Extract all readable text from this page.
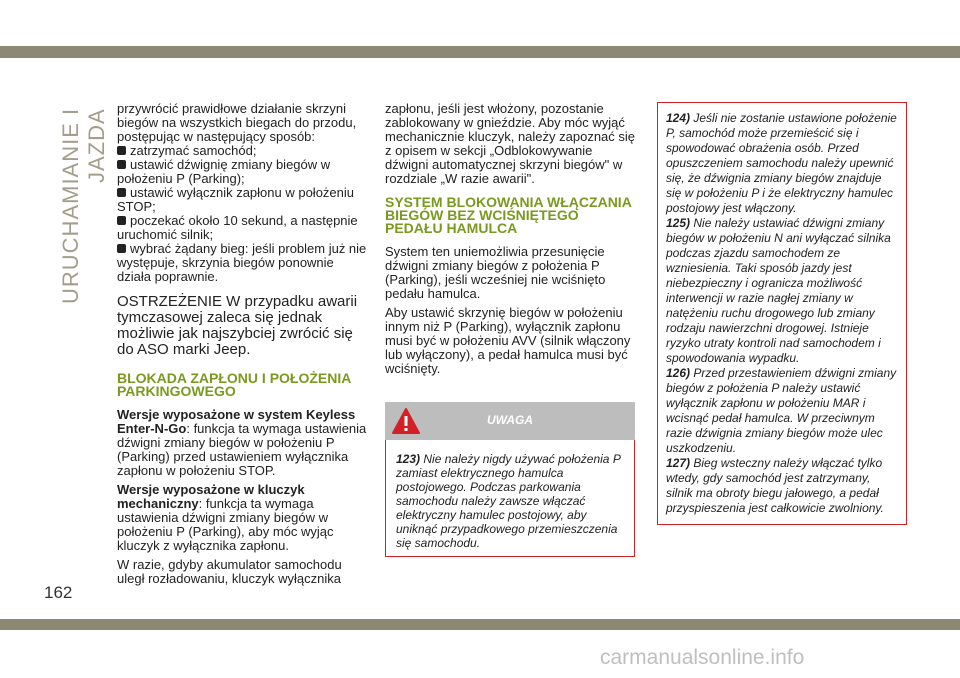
URUCHAMIANIE I JAZDA przywrócić prawidłowe działanie skrzyni biegów na wszystkich biegach do przodu, postępując w następujący sposób:

zatrzymać samochód;
ustawić dźwignię zmiany biegów w położeniu P (Parking);
ustawić wyłącznik zapłonu w położeniu STOP;
poczekać około 10 sekund, a następnie uruchomić silnik;
wybrać żądany bieg: jeśli problem już nie występuje, skrzynia biegów ponownie działa poprawnie.

OSTRZEŻENIE W przypadku awarii tymczasowej zaleca się jednak możliwie jak najszybciej zwrócić się do ASO marki Jeep.

BLOKADA ZAPŁONU I POŁOŻENIA PARKINGOWEGO

Wersje wyposażone w system Keyless Enter-N-Go: funkcja ta wymaga ustawienia dźwigni zmiany biegów w położeniu P (Parking) przed ustawieniem wyłącznika zapłonu w położeniu STOP.

Wersje wyposażone w kluczyk mechaniczny: funkcja ta wymaga ustawienia dźwigni zmiany biegów w położeniu P (Parking), aby móc wyjąc kluczyk z wyłącznika zapłonu.

W razie, gdyby akumulator samochodu uległ rozładowaniu, kluczyk wyłącznika

zapłonu, jeśli jest włożony, pozostanie zablokowany w gnieździe. Aby móc wyjąć mechanicznie kluczyk, należy zapoznać się z opisem w sekcji „Odblokowywanie dźwigni automatycznej skrzyni biegów" w rozdziale „W razie awarii".

SYSTEM BLOKOWANIA WŁĄCZANIA BIEGÓW BEZ WCIŚNIĘTEGO PEDAŁU HAMULCA

System ten uniemożliwia przesunięcie dźwigni zmiany biegów z położenia P (Parking), jeśli wcześniej nie wciśnięto pedału hamulca.

Aby ustawić skrzynię biegów w położeniu innym niż P (Parking), wyłącznik zapłonu musi być w położeniu AVV (silnik włączony lub wyłączony), a pedał hamulca musi być wciśnięty.

UWAGA
123) Nie należy nigdy używać położenia P zamiast elektrycznego hamulca postojowego. Podczas parkowania samochodu należy zawsze włączać elektryczny hamulec postojowy, aby uniknąć przypadkowego przemieszczenia się samochodu.

124) Jeśli nie zostanie ustawione położenie P, samochód może przemieścić się i spowodować obrażenia osób. Przed opuszczeniem samochodu należy upewnić się, że dźwignia zmiany biegów znajduje się w położeniu P i że elektryczny hamulec postojowy jest włączony.

125) Nie należy ustawiać dźwigni zmiany biegów w położeniu N ani wyłączać silnika podczas zjazdu samochodem ze wzniesienia. Taki sposób jazdy jest niebezpieczny i ogranicza możliwość interwencji w razie nagłej zmiany w natężeniu ruchu drogowego lub zmiany rodzaju nawierzchni drogowej. Istnieje ryzyko utraty kontroli nad samochodem i spowodowania wypadku.

126) Przed przestawieniem dźwigni zmiany biegów z położenia P należy ustawić wyłącznik zapłonu w położeniu MAR i wcisnąć pedał hamulca. W przeciwnym razie dźwignia zmiany biegów może ulec uszkodzeniu.

127) Bieg wsteczny należy włączać tylko wtedy, gdy samochód jest zatrzymany, silnik ma obroty biegu jałowego, a pedał przyspieszenia jest całkowicie zwolniony.

162
carmanualsonline.info
